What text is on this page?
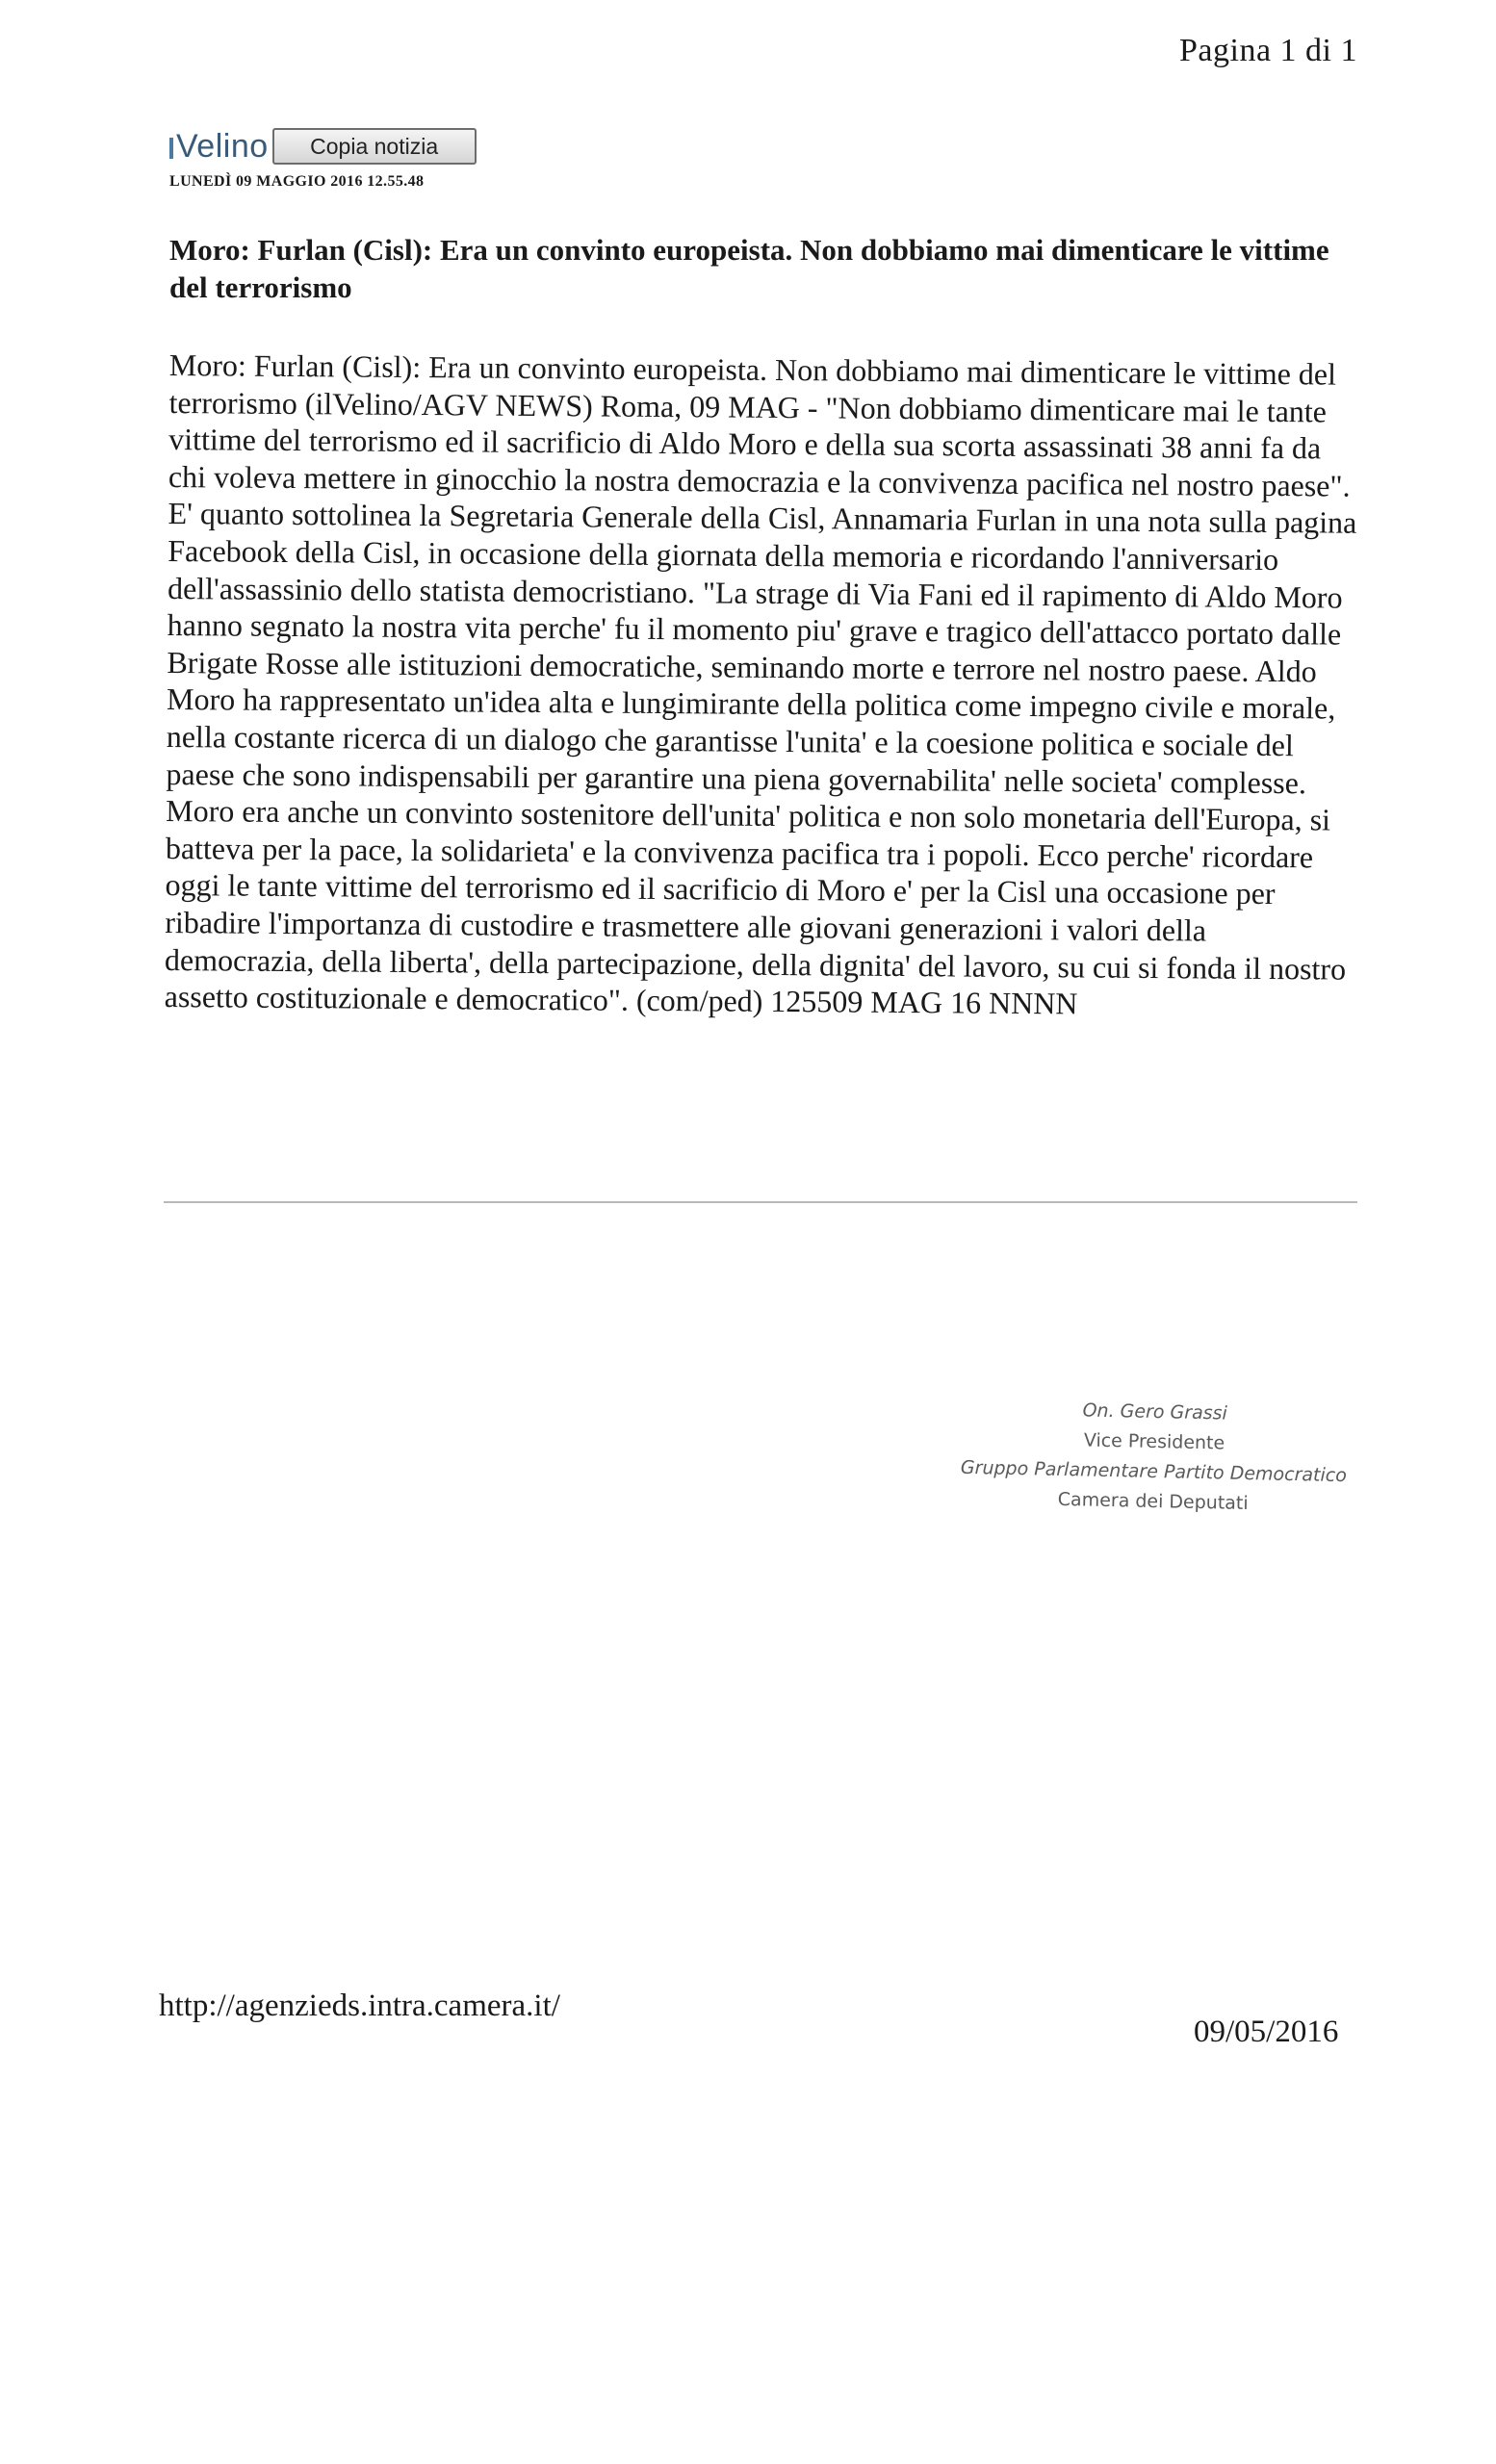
Pagina 1 di 1
Velino	Copia notizia
LUNEDÌ 09 MAGGIO 2016 12.55.48
Moro: Furlan (Cisl): Era un convinto europeista. Non dobbiamo mai dimenticare le vittime del terrorismo

Moro: Furlan (Cisl): Era un convinto europeista. Non dobbiamo mai dimenticare le vittime del terrorismo (ilVelino/AGV NEWS) Roma, 09 MAG - "Non dobbiamo dimenticare mai le tante vittime del terrorismo ed il sacrificio di Aldo Moro e della sua scorta assassinati 38 anni fa da chi voleva mettere in ginocchio la nostra democrazia e la convivenza pacifica nel nostro paese". E' quanto sottolinea la Segretaria Generale della Cisl, Annamaria Furlan in una nota sulla pagina Facebook della Cisl, in occasione della giornata della memoria e ricordando l'anniversario dell'assassinio dello statista democristiano. "La strage di Via Fani ed il rapimento di Aldo Moro hanno segnato la nostra vita perche' fu il momento piu' grave e tragico dell'attacco portato dalle Brigate Rosse alle istituzioni democratiche, seminando morte e terrore nel nostro paese. Aldo Moro ha rappresentato un'idea alta e lungimirante della politica come impegno civile e morale, nella costante ricerca di un dialogo che garantisse l'unita' e la coesione politica e sociale del paese che sono indispensabili per garantire una piena governabilita' nelle societa' complesse. Moro era anche un convinto sostenitore dell'unita' politica e non solo monetaria dell'Europa, si batteva per la pace, la solidarieta' e la convivenza pacifica tra i popoli. Ecco perche' ricordare oggi le tante vittime del terrorismo ed il sacrificio di Moro e' per la Cisl una occasione per ribadire l'importanza di custodire e trasmettere alle giovani generazioni i valori della democrazia, della liberta', della partecipazione, della dignita' del lavoro, su cui si fonda il nostro assetto costituzionale e democratico". (com/ped) 125509 MAG 16 NNNN

On. Gero Grassi
Vice Presidente
Gruppo Parlamentare Partito Democratico
Camera dei Deputati
http://agenzieds.intra.camera.it/
09/05/2016
